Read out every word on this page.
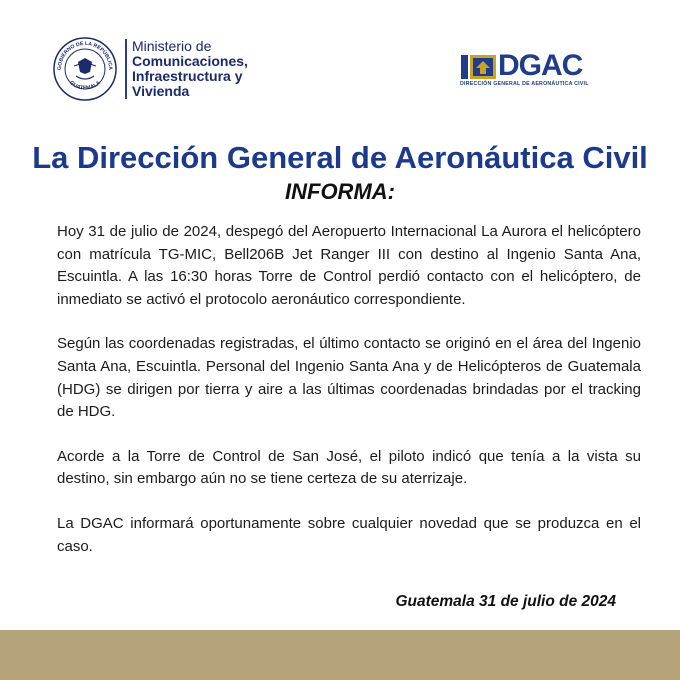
GOBIERNO DE LA REPÚBLICA
GUATEMALA
Ministerio de
Comunicaciones,
Infraestructura y
Vivienda
DGAC
DIRECCIÓN GENERAL DE AERONÁUTICA CIVIL
La Dirección General de Aeronáutica Civil
INFORMA:

Hoy 31 de julio de 2024, despegó del Aeropuerto Internacional La Aurora el helicóptero con matrícula TG-MIC, Bell206B Jet Ranger III con destino al Ingenio Santa Ana, Escuintla. A las 16:30 horas Torre de Control perdió contacto con el helicóptero, de inmediato se activó el protocolo aeronáutico correspondiente.

Según las coordenadas registradas, el último contacto se originó en el área del Ingenio Santa Ana, Escuintla. Personal del Ingenio Santa Ana y de Helicópteros de Guatemala (HDG) se dirigen por tierra y aire a las últimas coordenadas brindadas por el tracking de HDG.

Acorde a la Torre de Control de San José, el piloto indicó que tenía a la vista su destino, sin embargo aún no se tiene certeza de su aterrizaje.

La DGAC informará oportunamente sobre cualquier novedad que se produzca en el caso.

Guatemala 31 de julio de 2024
